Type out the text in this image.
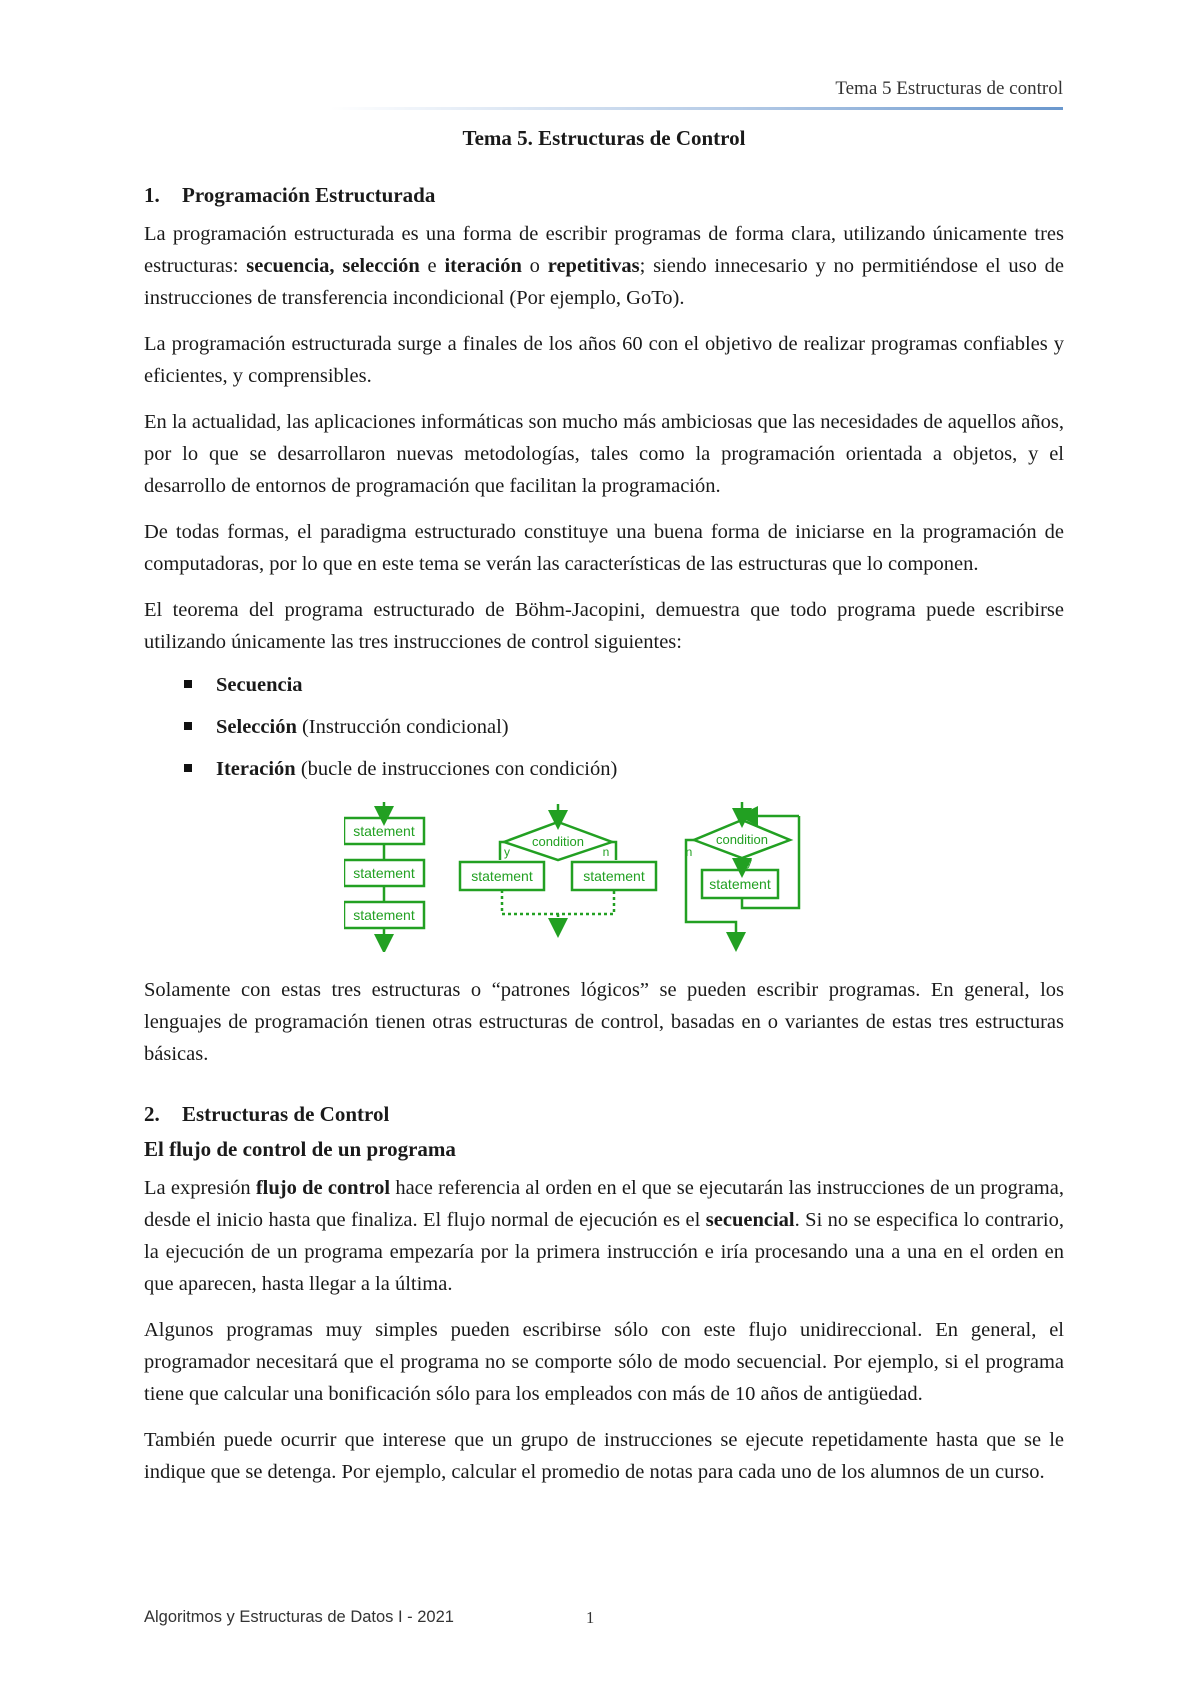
Tema 5 Estructuras de control
Tema 5. Estructuras de Control
1. Programación Estructurada

La programación estructurada es una forma de escribir programas de forma clara, utilizando únicamente tres estructuras: secuencia, selección e iteración o repetitivas; siendo innecesario y no permitiéndose el uso de instrucciones de transferencia incondicional (Por ejemplo, GoTo).

La programación estructurada surge a finales de los años 60 con el objetivo de realizar programas confiables y eficientes, y comprensibles.

En la actualidad, las aplicaciones informáticas son mucho más ambiciosas que las necesidades de aquellos años, por lo que se desarrollaron nuevas metodologías, tales como la programación orientada a objetos, y el desarrollo de entornos de programación que facilitan la programación.

De todas formas, el paradigma estructurado constituye una buena forma de iniciarse en la programación de computadoras, por lo que en este tema se verán las características de las estructuras que lo componen.

El teorema del programa estructurado de Böhm-Jacopini, demuestra que todo programa puede escribirse utilizando únicamente las tres instrucciones de control siguientes:

Secuencia
Selección (Instrucción condicional)
Iteración (bucle de instrucciones con condición)
statement
statement
statement
condition
y	n
statement	statement
condition
y
n
statement

Solamente con estas tres estructuras o “patrones lógicos” se pueden escribir programas. En general, los lenguajes de programación tienen otras estructuras de control, basadas en o variantes de estas tres estructuras básicas.

2. Estructuras de Control
El flujo de control de un programa

La expresión flujo de control hace referencia al orden en el que se ejecutarán las instrucciones de un programa, desde el inicio hasta que finaliza. El flujo normal de ejecución es el secuencial. Si no se especifica lo contrario, la ejecución de un programa empezaría por la primera instrucción e iría procesando una a una en el orden en que aparecen, hasta llegar a la última.

Algunos programas muy simples pueden escribirse sólo con este flujo unidireccional. En general, el programador necesitará que el programa no se comporte sólo de modo secuencial. Por ejemplo, si el programa tiene que calcular una bonificación sólo para los empleados con más de 10 años de antigüedad.

También puede ocurrir que interese que un grupo de instrucciones se ejecute repetidamente hasta que se le indique que se detenga. Por ejemplo, calcular el promedio de notas para cada uno de los alumnos de un curso.

Algoritmos y Estructuras de Datos I - 2021	1
